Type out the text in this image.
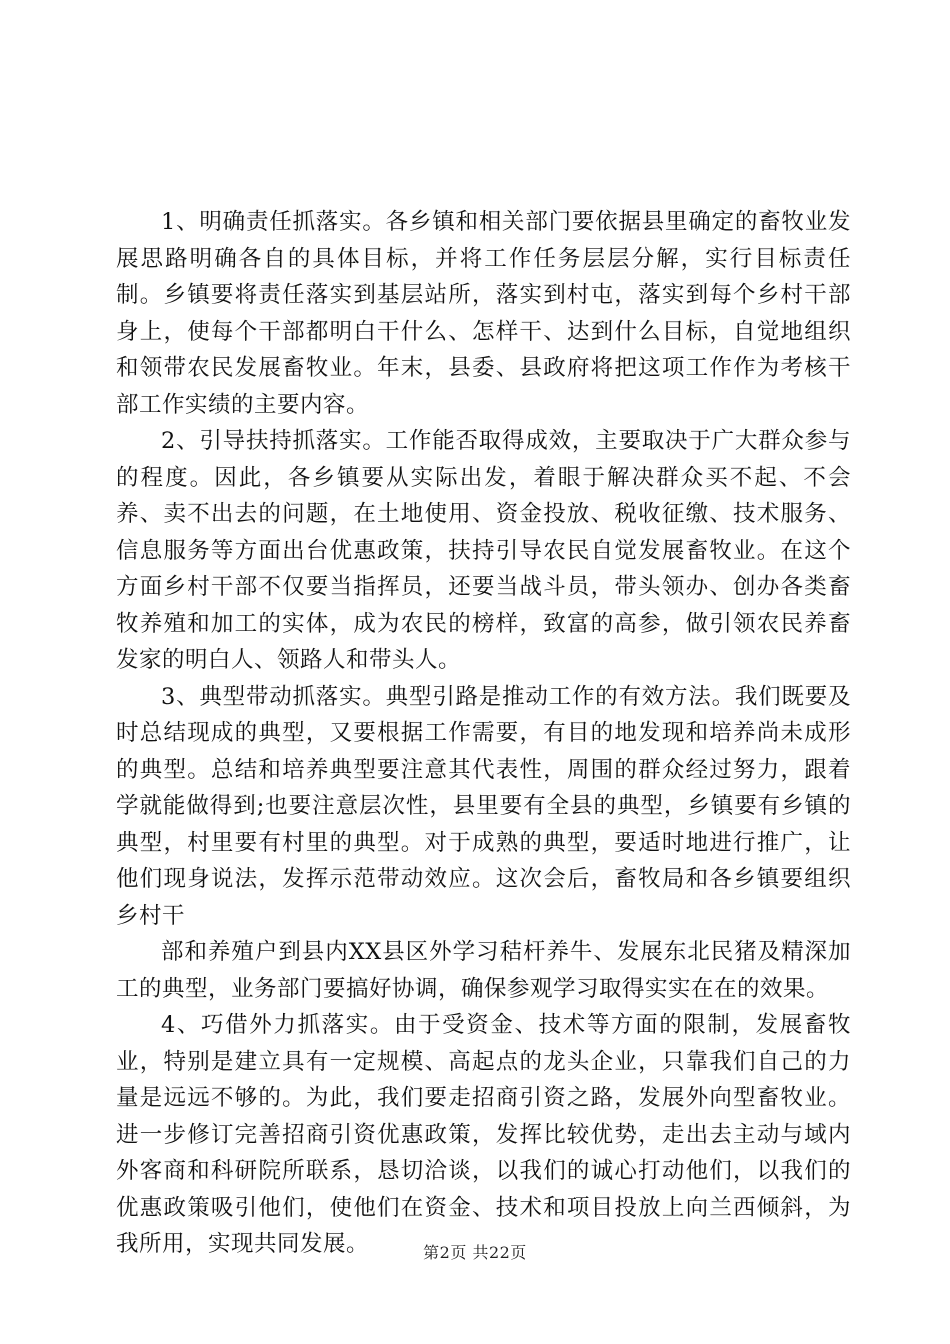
1、明确责任抓落实。各乡镇和相关部门要依据县里确定的畜牧业发展思路明确各自的具体目标，并将工作任务层层分解，实行目标责任制。乡镇要将责任落实到基层站所，落实到村屯，落实到每个乡村干部身上，使每个干部都明白干什么、怎样干、达到什么目标，自觉地组织和领带农民发展畜牧业。年末，县委、县政府将把这项工作作为考核干部工作实绩的主要内容。

2、引导扶持抓落实。工作能否取得成效，主要取决于广大群众参与的程度。因此，各乡镇要从实际出发，着眼于解决群众买不起、不会养、卖不出去的问题，在土地使用、资金投放、税收征缴、技术服务、信息服务等方面出台优惠政策，扶持引导农民自觉发展畜牧业。在这个方面乡村干部不仅要当指挥员，还要当战斗员，带头领办、创办各类畜牧养殖和加工的实体，成为农民的榜样，致富的高参，做引领农民养畜发家的明白人、领路人和带头人。

3、典型带动抓落实。典型引路是推动工作的有效方法。我们既要及时总结现成的典型，又要根据工作需要，有目的地发现和培养尚未成形的典型。总结和培养典型要注意其代表性，周围的群众经过努力，跟着学就能做得到;也要注意层次性，县里要有全县的典型，乡镇要有乡镇的典型，村里要有村里的典型。对于成熟的典型，要适时地进行推广，让他们现身说法，发挥示范带动效应。这次会后，畜牧局和各乡镇要组织乡村干

部和养殖户到县内XX县区外学习秸杆养牛、发展东北民猪及精深加工的典型，业务部门要搞好协调，确保参观学习取得实实在在的效果。

4、巧借外力抓落实。由于受资金、技术等方面的限制，发展畜牧业，特别是建立具有一定规模、高起点的龙头企业，只靠我们自己的力量是远远不够的。为此，我们要走招商引资之路，发展外向型畜牧业。进一步修订完善招商引资优惠政策，发挥比较优势，走出去主动与域内外客商和科研院所联系，恳切洽谈，以我们的诚心打动他们，以我们的优惠政策吸引他们，使他们在资金、技术和项目投放上向兰西倾斜，为我所用，实现共同发展。	第2页 共22页
